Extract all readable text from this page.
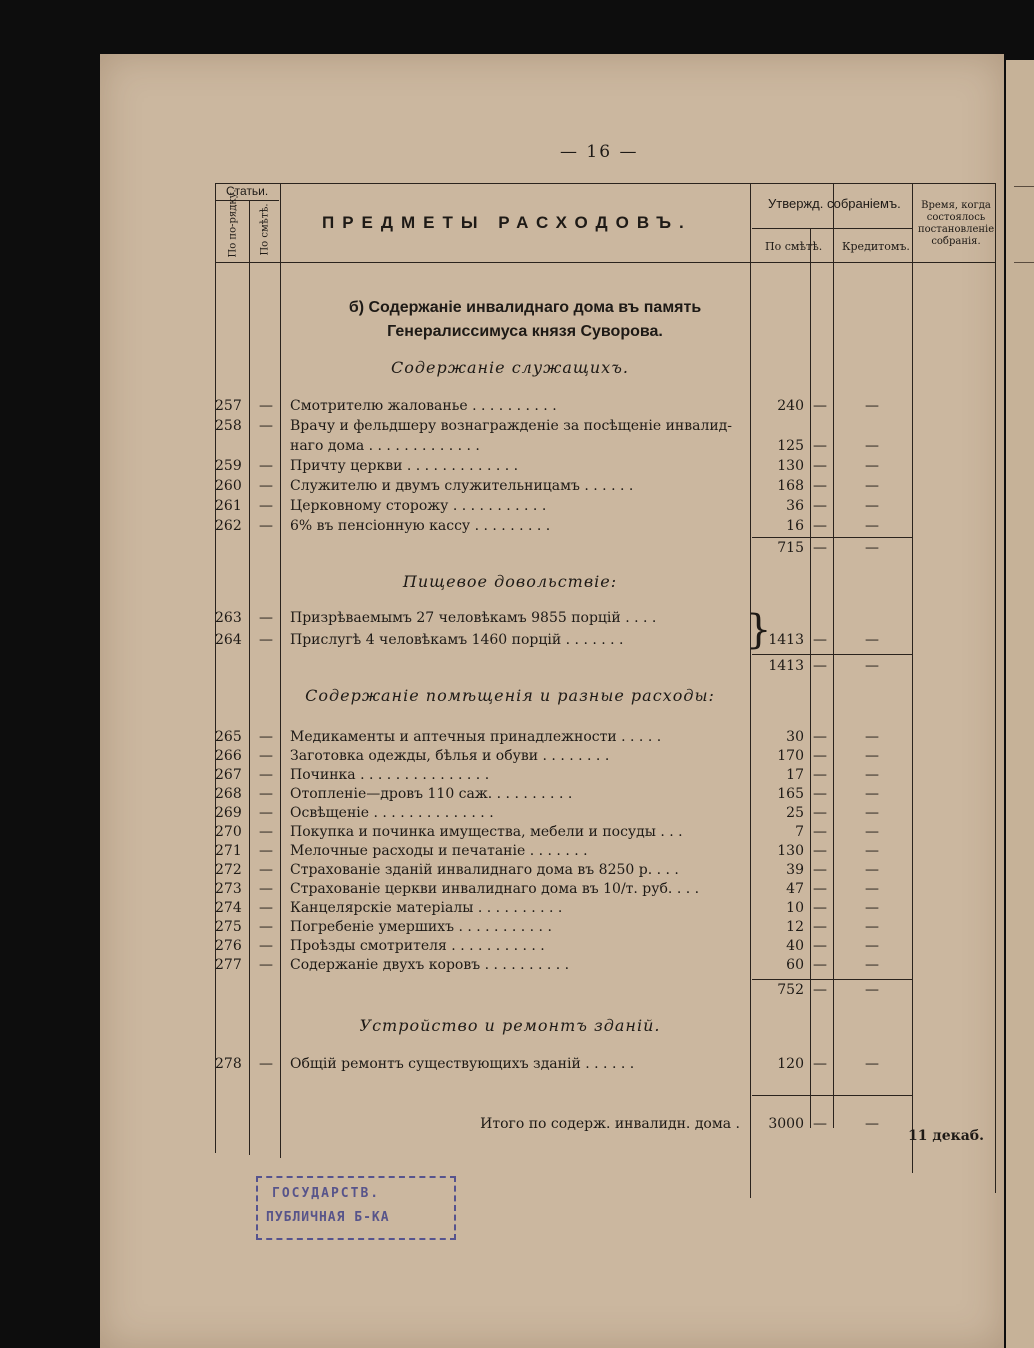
— 16 —
Статьи.
По по-рядку. По смѣтѣ.	ПРЕДМЕТЫ РАСХОДОВЪ.
Утвержд. собраніемъ.
По смѣтѣ. Кредитомъ.
Время, когда состоялось постановленіе собранія.
б) Содержаніе инвалиднаго дома въ память Генералиссимуса князя Суворова.
Содержаніе служащихъ.
257	— Смотрителю жалованье . . . . . . . . . .	240 —	—
258	— Врачу и фельдшеру вознагражденіе за посѣщеніе инвалид-
наго дома . . . . . . . . . . . . .	125 —	—
259	— Причту церкви . . . . . . . . . . . . .	130 —	—
260	— Служителю и двумъ служительницамъ . . . . . .	168 —	—
261	— Церковному сторожу . . . . . . . . . . .	36 —	—
262	— 6% въ пенсіонную кассу . . . . . . . . .	16 —	—
715 —	—
Пищевое довольствіе:
263	— Призрѣваемымъ 27 человѣкамъ 9855 порцій . . . .
264	— Прислугѣ 4 человѣкамъ 1460 порцій . . . . . . .	1413 —	—
}
1413 —	—
Содержаніе помѣщенія и разные расходы:
265	— Медикаменты и аптечныя принадлежности . . . . .	30 —	—
266	— Заготовка одежды, бѣлья и обуви . . . . . . . .	170 —	—
267	— Починка . . . . . . . . . . . . . . .	17 —	—
268	— Отопленіе—дровъ 110 саж. . . . . . . . . .	165 —	—
269	— Освѣщеніе . . . . . . . . . . . . . .	25 —	—
270	— Покупка и починка имущества, мебели и посуды . . .	7 —	—
271	— Мелочные расходы и печатаніе . . . . . . .	130 —	—
272	— Страхованіе зданій инвалиднаго дома въ 8250 р. . . .	39 —	—
273	— Страхованіе церкви инвалиднаго дома въ 10/т. руб. . . .	47 —	—
274	— Канцелярскіе матеріалы . . . . . . . . . .	10 —	—
275	— Погребеніе умершихъ . . . . . . . . . . .	12 —	—
276	— Проѣзды смотрителя . . . . . . . . . . .	40 —	—
277	— Содержаніе двухъ коровъ . . . . . . . . . .	60 —	—
752 —	—
Устройство и ремонтъ зданій.
278	— Общій ремонтъ существующихъ зданій . . . . . .	120 —	—
Итого по содерж. инвалидн. дома .	3000 —	—
11 декаб.
ГОСУДАРСТВ.
ПУБЛИЧНАЯ Б-КА
